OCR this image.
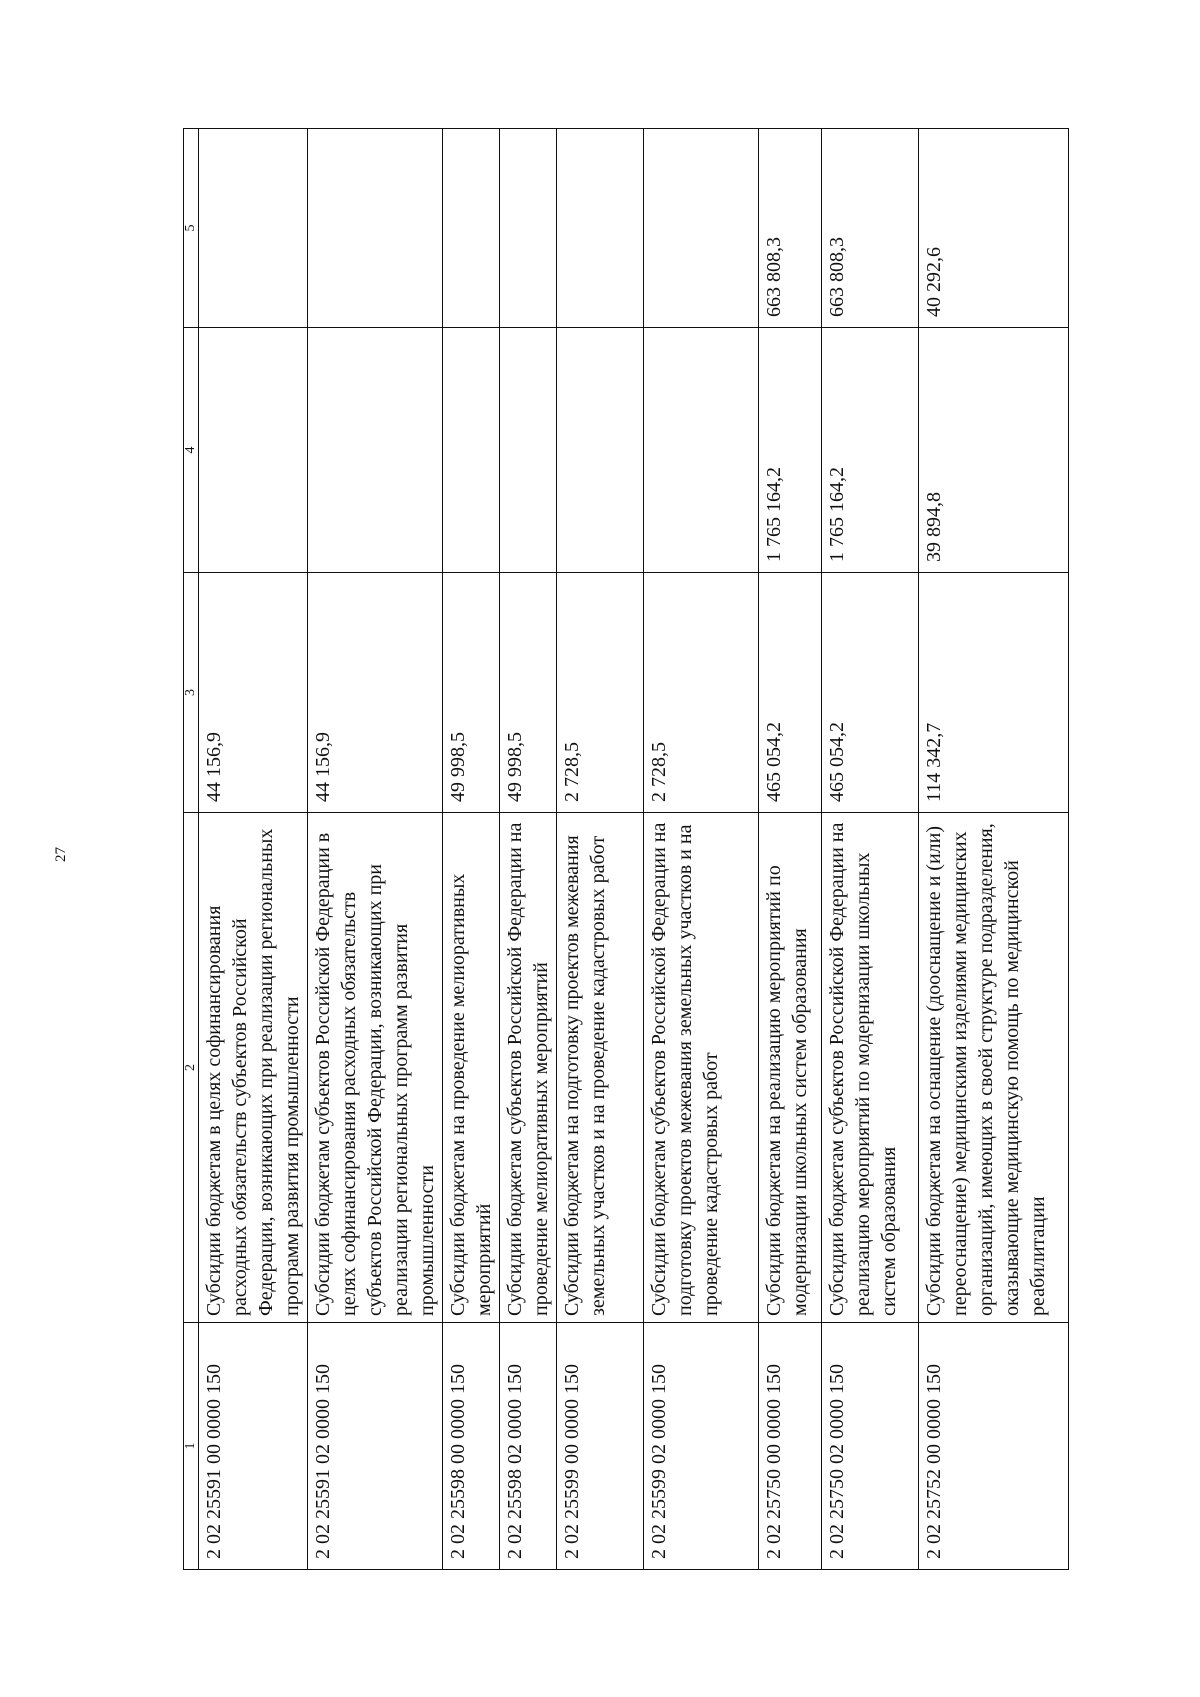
27
1	2	3	4	5
2 02 25591 00 0000 150	Субсидии бюджетам в целях софинансирования расходных обязательств субъектов Российской Федерации, возникающих при реализации региональных программ развития промышленности	44 156,9		
2 02 25591 02 0000 150	Субсидии бюджетам субъектов Российской Федерации в целях софинансирования расходных обязательств субъектов Российской Федерации, возникающих при реализации региональных программ развития промышленности	44 156,9		
2 02 25598 00 0000 150	Субсидии бюджетам на проведение мелиоративных мероприятий	49 998,5		
2 02 25598 02 0000 150	Субсидии бюджетам субъектов Российской Федерации на проведение мелиоративных мероприятий	49 998,5		
2 02 25599 00 0000 150	Субсидии бюджетам на подготовку проектов межевания земельных участков и на проведение кадастровых работ	2 728,5		
2 02 25599 02 0000 150	Субсидии бюджетам субъектов Российской Федерации на подготовку проектов межевания земельных участков и на проведение кадастровых работ	2 728,5		
2 02 25750 00 0000 150	Субсидии бюджетам на реализацию мероприятий по модернизации школьных систем образования	465 054,2	1 765 164,2	663 808,3
2 02 25750 02 0000 150	Субсидии бюджетам субъектов Российской Федерации на реализацию мероприятий по модернизации школьных систем образования	465 054,2	1 765 164,2	663 808,3
2 02 25752 00 0000 150	Субсидии бюджетам на оснащение (дооснащение и (или) переоснащение) медицинскими изделиями медицинских организаций, имеющих в своей структуре подразделения, оказывающие медицинскую помощь по медицинской реабилитации	114 342,7	39 894,8	40 292,6
